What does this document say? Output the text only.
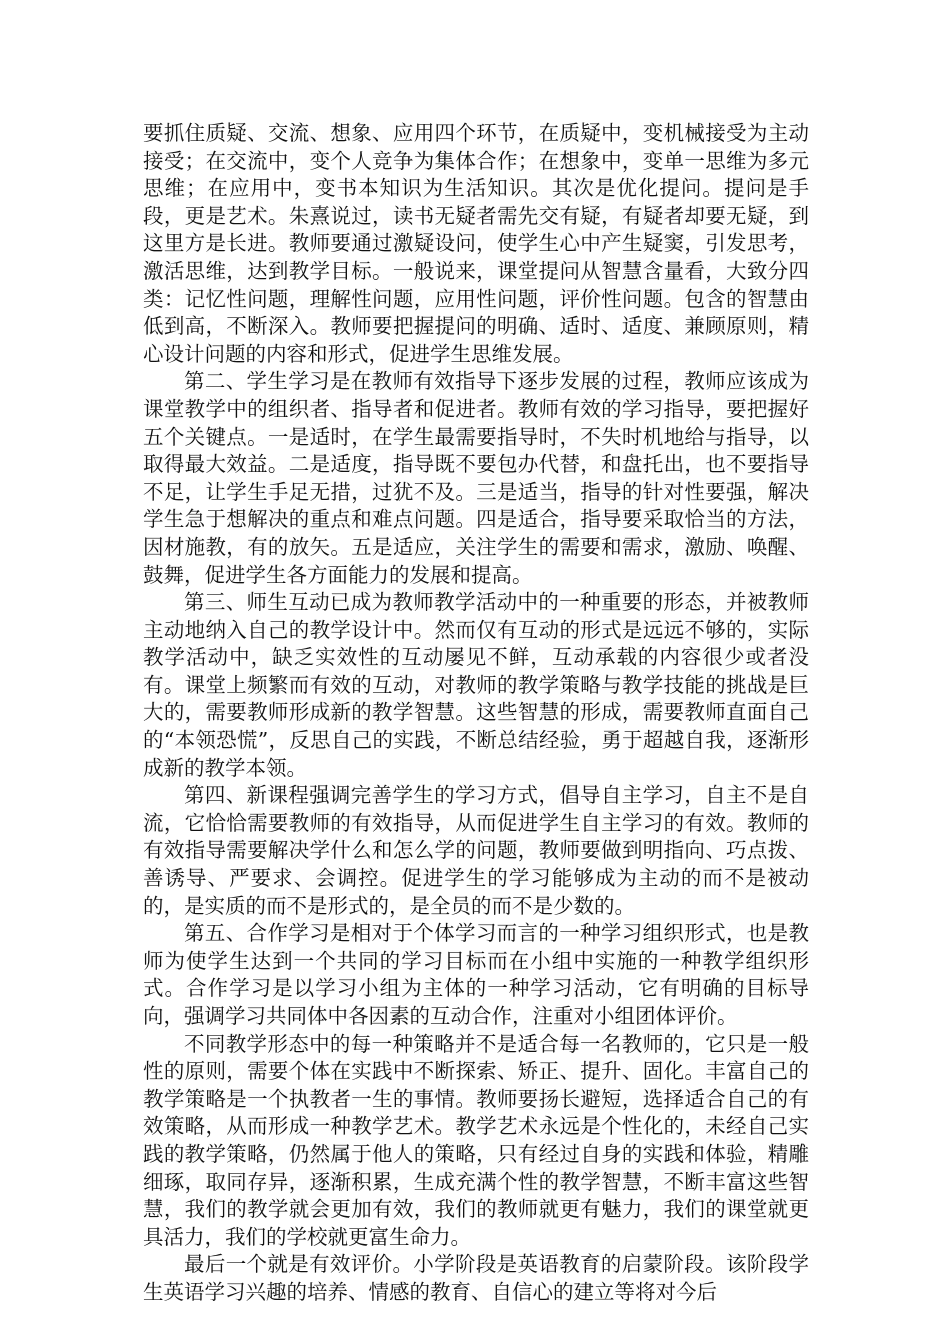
要抓住质疑、交流、想象、应用四个环节，在质疑中，变机械接受为主动接受；在交流中，变个人竞争为集体合作；在想象中，变单一思维为多元思维；在应用中，变书本知识为生活知识。其次是优化提问。提问是手段，更是艺术。朱熹说过，读书无疑者需先交有疑，有疑者却要无疑，到这里方是长进。教师要通过激疑设问，使学生心中产生疑窦，引发思考，激活思维，达到教学目标。一般说来，课堂提问从智慧含量看，大致分四类：记忆性问题，理解性问题，应用性问题，评价性问题。包含的智慧由低到高，不断深入。教师要把握提问的明确、适时、适度、兼顾原则，精心设计问题的内容和形式，促进学生思维发展。

第二、学生学习是在教师有效指导下逐步发展的过程，教师应该成为课堂教学中的组织者、指导者和促进者。教师有效的学习指导，要把握好五个关键点。一是适时，在学生最需要指导时，不失时机地给与指导，以取得最大效益。二是适度，指导既不要包办代替，和盘托出，也不要指导不足，让学生手足无措，过犹不及。三是适当，指导的针对性要强，解决学生急于想解决的重点和难点问题。四是适合，指导要采取恰当的方法，因材施教，有的放矢。五是适应，关注学生的需要和需求，激励、唤醒、鼓舞，促进学生各方面能力的发展和提高。

第三、师生互动已成为教师教学活动中的一种重要的形态，并被教师主动地纳入自己的教学设计中。然而仅有互动的形式是远远不够的，实际教学活动中，缺乏实效性的互动屡见不鲜，互动承载的内容很少或者没有。课堂上频繁而有效的互动，对教师的教学策略与教学技能的挑战是巨大的，需要教师形成新的教学智慧。这些智慧的形成，需要教师直面自己的“本领恐慌”，反思自己的实践，不断总结经验，勇于超越自我，逐渐形成新的教学本领。

第四、新课程强调完善学生的学习方式，倡导自主学习，自主不是自流，它恰恰需要教师的有效指导，从而促进学生自主学习的有效。教师的有效指导需要解决学什么和怎么学的问题，教师要做到明指向、巧点拨、善诱导、严要求、会调控。促进学生的学习能够成为主动的而不是被动的，是实质的而不是形式的，是全员的而不是少数的。

第五、合作学习是相对于个体学习而言的一种学习组织形式，也是教师为使学生达到一个共同的学习目标而在小组中实施的一种教学组织形式。合作学习是以学习小组为主体的一种学习活动，它有明确的目标导向，强调学习共同体中各因素的互动合作，注重对小组团体评价。

不同教学形态中的每一种策略并不是适合每一名教师的，它只是一般性的原则，需要个体在实践中不断探索、矫正、提升、固化。丰富自己的教学策略是一个执教者一生的事情。教师要扬长避短，选择适合自己的有效策略，从而形成一种教学艺术。教学艺术永远是个性化的，未经自己实践的教学策略，仍然属于他人的策略，只有经过自身的实践和体验，精雕细琢，取同存异，逐渐积累，生成充满个性的教学智慧，不断丰富这些智慧，我们的教学就会更加有效，我们的教师就更有魅力，我们的课堂就更具活力，我们的学校就更富生命力。

最后一个就是有效评价。小学阶段是英语教育的启蒙阶段。该阶段学生英语学习兴趣的培养、情感的教育、自信心的建立等将对今后
